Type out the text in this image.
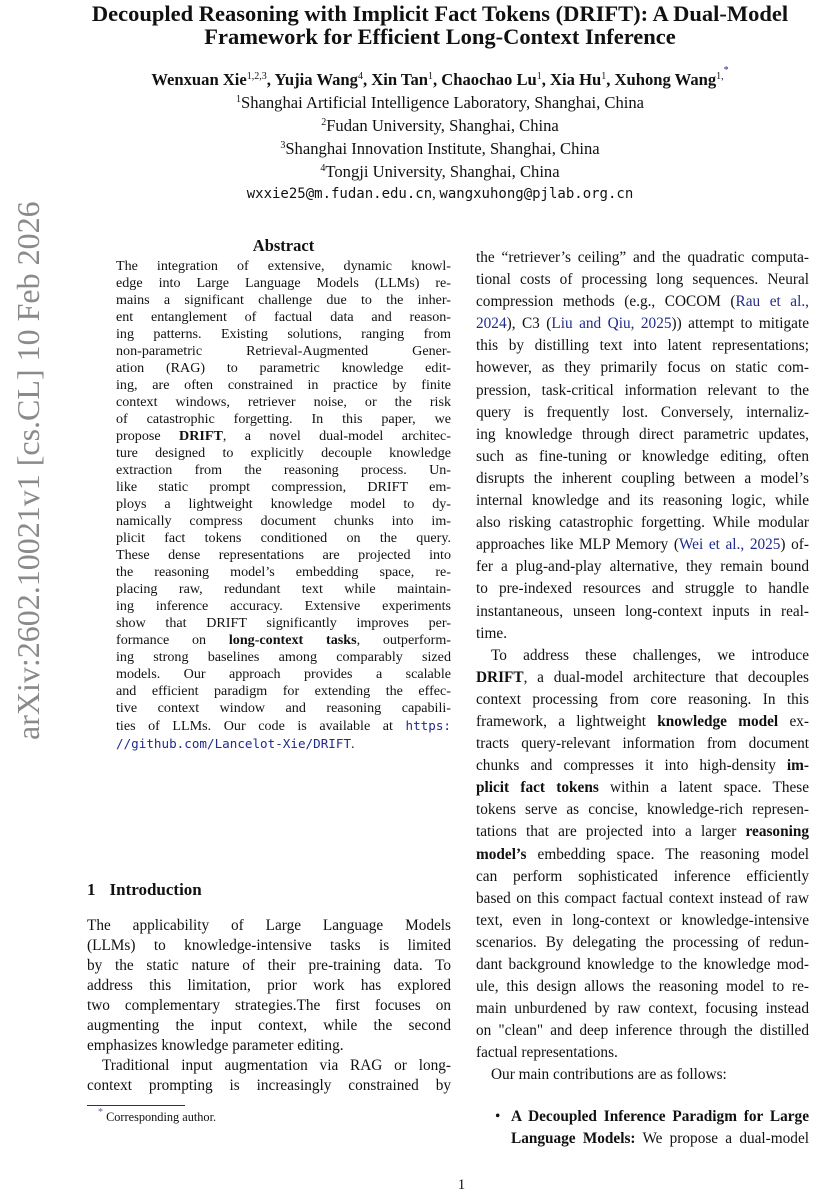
arXiv:2602.10021v1 [cs.CL] 10 Feb 2026
Decoupled Reasoning with Implicit Fact Tokens (DRIFT): A Dual-Model
Framework for Efficient Long-Context Inference
Wenxuan Xie$^{1,2,3}$, Yujia Wang$^4$, Xin Tan$^1$, Chaochao Lu$^1$, Xia Hu$^1$, Xuhong Wang$^{1,^*}$
$^1$Shanghai Artificial Intelligence Laboratory, Shanghai, China
$^2$Fudan University, Shanghai, China
$^3$Shanghai Innovation Institute, Shanghai, China
$^4$Tongji University, Shanghai, China
wxxie25@m.fudan.edu.cn, wangxuhong@pjlab.org.cn
Abstract
The integration of extensive, dynamic knowl-
edge into Large Language Models (LLMs) re-
mains a significant challenge due to the inher-
ent entanglement of factual data and reason-
ing patterns. Existing solutions, ranging from
non-parametric Retrieval-Augmented Gener-
ation (RAG) to parametric knowledge edit-
ing, are often constrained in practice by finite
context windows, retriever noise, or the risk
of catastrophic forgetting. In this paper, we
propose DRIFT, a novel dual-model architec-
ture designed to explicitly decouple knowledge
extraction from the reasoning process. Un-
like static prompt compression, DRIFT em-
ploys a lightweight knowledge model to dy-
namically compress document chunks into im-
plicit fact tokens conditioned on the query.
These dense representations are projected into
the reasoning model’s embedding space, re-
placing raw, redundant text while maintain-
ing inference accuracy. Extensive experiments
show that DRIFT significantly improves per-
formance on long-context tasks, outperform-
ing strong baselines among comparably sized
models. Our approach provides a scalable
and efficient paradigm for extending the effec-
tive context window and reasoning capabili-
ties of LLMs. Our code is available at https:
//github.com/Lancelot-Xie/DRIFT.
1 Introduction
The applicability of Large Language Models
(LLMs) to knowledge-intensive tasks is limited
by the static nature of their pre-training data. To
address this limitation, prior work has explored
two complementary strategies.The first focuses on
augmenting the input context, while the second
emphasizes knowledge parameter editing.
Traditional input augmentation via RAG or long-
context prompting is increasingly constrained by
the “retriever’s ceiling” and the quadratic computa-
tional costs of processing long sequences. Neural
compression methods (e.g., COCOM (Rau et al.,
2024), C3 (Liu and Qiu, 2025)) attempt to mitigate
this by distilling text into latent representations;
however, as they primarily focus on static com-
pression, task-critical information relevant to the
query is frequently lost. Conversely, internaliz-
ing knowledge through direct parametric updates,
such as fine-tuning or knowledge editing, often
disrupts the inherent coupling between a model’s
internal knowledge and its reasoning logic, while
also risking catastrophic forgetting. While modular
approaches like MLP Memory (Wei et al., 2025) of-
fer a plug-and-play alternative, they remain bound
to pre-indexed resources and struggle to handle
instantaneous, unseen long-context inputs in real-
time.
To address these challenges, we introduce
DRIFT, a dual-model architecture that decouples
context processing from core reasoning. In this
framework, a lightweight knowledge model ex-
tracts query-relevant information from document
chunks and compresses it into high-density im-
plicit fact tokens within a latent space. These
tokens serve as concise, knowledge-rich represen-
tations that are projected into a larger reasoning
model’s embedding space. The reasoning model
can perform sophisticated inference efficiently
based on this compact factual context instead of raw
text, even in long-context or knowledge-intensive
scenarios. By delegating the processing of redun-
dant background knowledge to the knowledge mod-
ule, this design allows the reasoning model to re-
main unburdened by raw context, focusing instead
on "clean" and deep inference through the distilled
factual representations.
Our main contributions are as follows:
• A Decoupled Inference Paradigm for Large
Language Models: We propose a dual-model
* Corresponding author.
1
